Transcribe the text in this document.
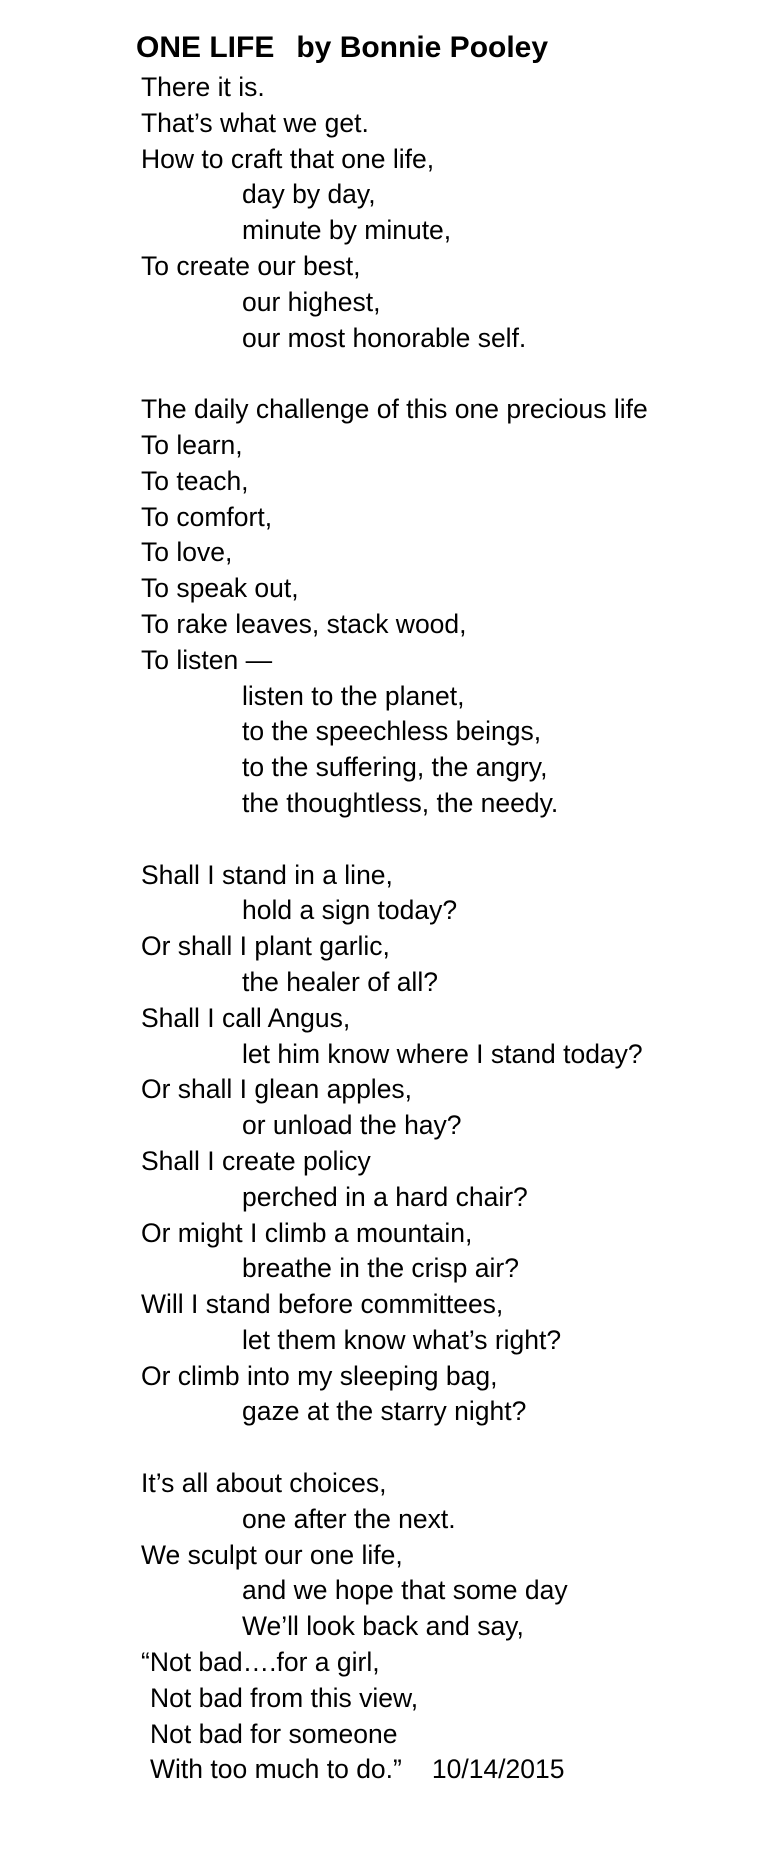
ONE LIFE by Bonnie Pooley
There it is.
That’s what we get.
How to craft that one life,
day by day,
minute by minute,
To create our best,
our highest,
our most honorable self.
The daily challenge of this one precious life
To learn,
To teach,
To comfort,
To love,
To speak out,
To rake leaves, stack wood,
To listen —
listen to the planet,
to the speechless beings,
to the suffering, the angry,
the thoughtless, the needy.
Shall I stand in a line,
hold a sign today?
Or shall I plant garlic,
the healer of all?
Shall I call Angus,
let him know where I stand today?
Or shall I glean apples,
or unload the hay?
Shall I create policy
perched in a hard chair?
Or might I climb a mountain,
breathe in the crisp air?
Will I stand before committees,
let them know what’s right?
Or climb into my sleeping bag,
gaze at the starry night?
It’s all about choices,
one after the next.
We sculpt our one life,
and we hope that some day
We’ll look back and say,
“Not bad….for a girl,
Not bad from this view,
Not bad for someone
With too much to do.” 10/14/2015
